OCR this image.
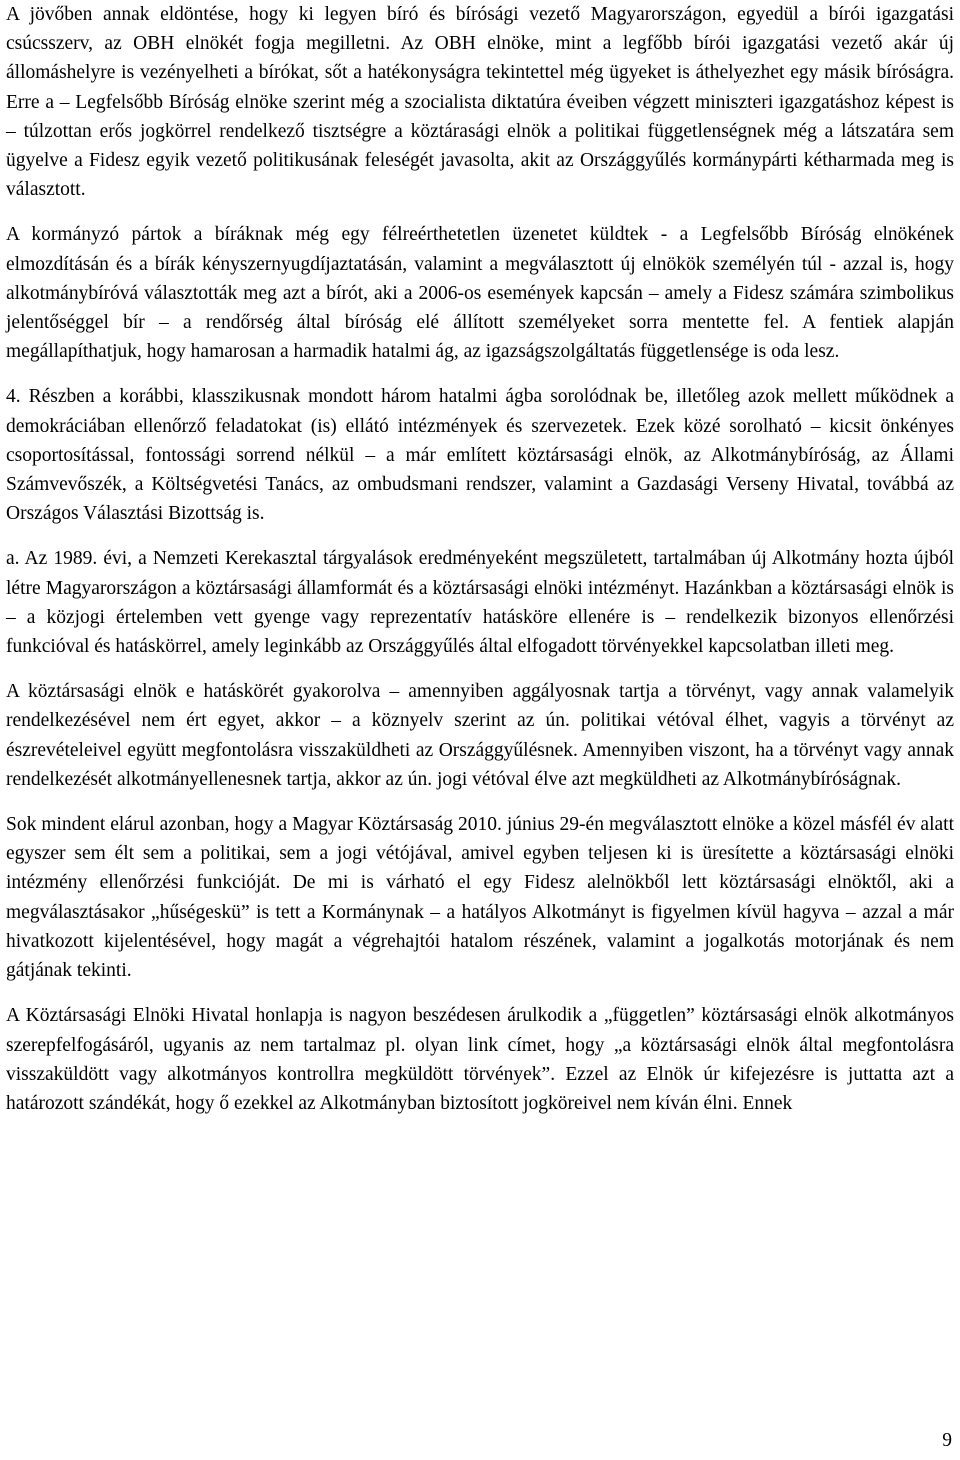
A jövőben annak eldöntése, hogy ki legyen bíró és bírósági vezető Magyarországon, egyedül a bírói igazgatási csúcsszerv, az OBH elnökét fogja megilletni. Az OBH elnöke, mint a legfőbb bírói igazgatási vezető akár új állomáshelyre is vezényelheti a bírókat, sőt a hatékonyságra tekintettel még ügyeket is áthelyezhet egy másik bíróságra. Erre a – Legfelsőbb Bíróság elnöke szerint még a szocialista diktatúra éveiben végzett miniszteri igazgatáshoz képest is – túlzottan erős jogkörrel rendelkező tisztségre a köztárasági elnök a politikai függetlenségnek még a látszatára sem ügyelve a Fidesz egyik vezető politikusának feleségét javasolta, akit az Országgyűlés kormánypárti kétharmada meg is választott.

A kormányzó pártok a bíráknak még egy félreérthetetlen üzenetet küldtek - a Legfelsőbb Bíróság elnökének elmozdításán és a bírák kényszernyugdíjaztatásán, valamint a megválasztott új elnökök személyén túl - azzal is, hogy alkotmánybíróvá választották meg azt a bírót, aki a 2006-os események kapcsán – amely a Fidesz számára szimbolikus jelentőséggel bír – a rendőrség által bíróság elé állított személyeket sorra mentette fel. A fentiek alapján megállapíthatjuk, hogy hamarosan a harmadik hatalmi ág, az igazságszolgáltatás függetlensége is oda lesz.

4. Részben a korábbi, klasszikusnak mondott három hatalmi ágba sorolódnak be, illetőleg azok mellett működnek a demokráciában ellenőrző feladatokat (is) ellátó intézmények és szervezetek. Ezek közé sorolható – kicsit önkényes csoportosítással, fontossági sorrend nélkül – a már említett köztársasági elnök, az Alkotmánybíróság, az Állami Számvevőszék, a Költségvetési Tanács, az ombudsmani rendszer, valamint a Gazdasági Verseny Hivatal, továbbá az Országos Választási Bizottság is.

a. Az 1989. évi, a Nemzeti Kerekasztal tárgyalások eredményeként megszületett, tartalmában új Alkotmány hozta újból létre Magyarországon a köztársasági államformát és a köztársasági elnöki intézményt. Hazánkban a köztársasági elnök is – a közjogi értelemben vett gyenge vagy reprezentatív hatásköre ellenére is – rendelkezik bizonyos ellenőrzési funkcióval és hatáskörrel, amely leginkább az Országgyűlés által elfogadott törvényekkel kapcsolatban illeti meg.

A köztársasági elnök e hatáskörét gyakorolva – amennyiben aggályosnak tartja a törvényt, vagy annak valamelyik rendelkezésével nem ért egyet, akkor – a köznyelv szerint az ún. politikai vétóval élhet, vagyis a törvényt az észrevételeivel együtt megfontolásra visszaküldheti az Országgyűlésnek. Amennyiben viszont, ha a törvényt vagy annak rendelkezését alkotmányellenesnek tartja, akkor az ún. jogi vétóval élve azt megküldheti az Alkotmánybíróságnak.

Sok mindent elárul azonban, hogy a Magyar Köztársaság 2010. június 29-én megválasztott elnöke a közel másfél év alatt egyszer sem élt sem a politikai, sem a jogi vétójával, amivel egyben teljesen ki is üresítette a köztársasági elnöki intézmény ellenőrzési funkcióját. De mi is várható el egy Fidesz alelnökből lett köztársasági elnöktől, aki a megválasztásakor „hűségeskü” is tett a Kormánynak – a hatályos Alkotmányt is figyelmen kívül hagyva – azzal a már hivatkozott kijelentésével, hogy magát a végrehajtói hatalom részének, valamint a jogalkotás motorjának és nem gátjának tekinti.

A Köztársasági Elnöki Hivatal honlapja is nagyon beszédesen árulkodik a „független” köztársasági elnök alkotmányos szerepfelfogásáról, ugyanis az nem tartalmaz pl. olyan link címet, hogy „a köztársasági elnök által megfontolásra visszaküldött vagy alkotmányos kontrollra megküldött törvények”. Ezzel az Elnök úr kifejezésre is juttatta azt a határozott szándékát, hogy ő ezekkel az Alkotmányban biztosított jogköreivel nem kíván élni. Ennek

9
